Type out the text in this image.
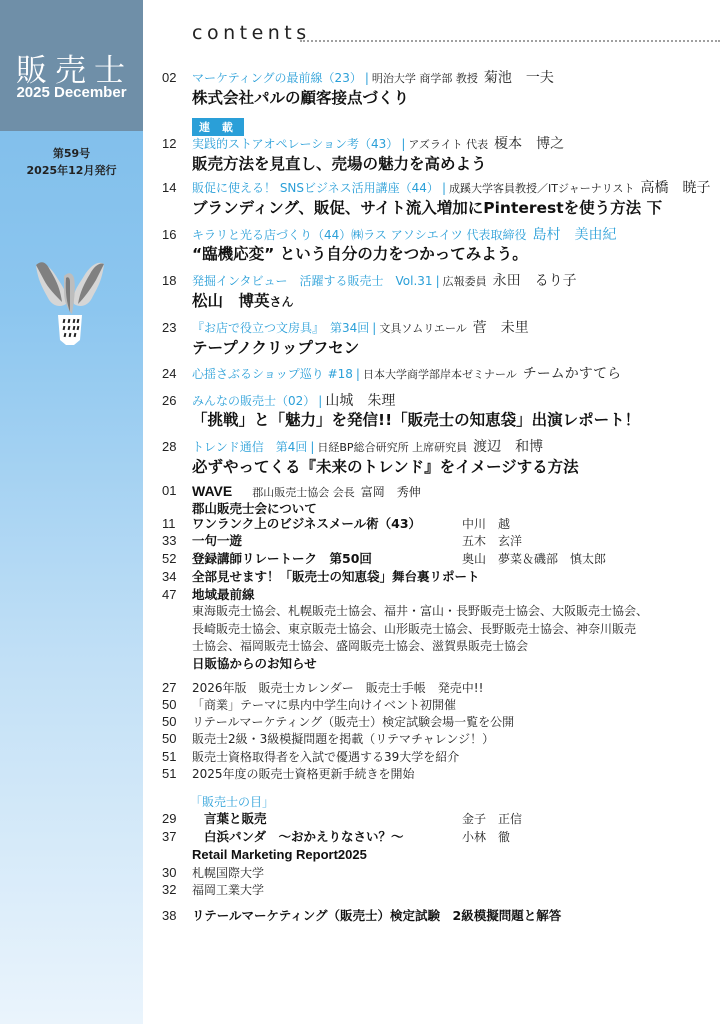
販売士
2025 December
第59号
2025年12月発行
contents
02	マーケティングの最前線（23） | 明治大学 商学部 教授 菊池　一夫
株式会社パルの顧客接点づくり
連 載
12	実践的ストアオペレーション考（43） | アズライト 代表 榎本　博之
販売方法を見直し、売場の魅力を高めよう
14	販促に使える！ SNSビジネス活用講座（44） | 成蹊大学客員教授／ITジャーナリスト 高橋　暁子
ブランディング、販促、サイト流入増加にPinterestを使う方法 下
16	キラリと光る店づくり（44）㈱ラス アソシエイツ 代表取締役 島村　美由紀
“臨機応変” という自分の力をつかってみよう。
18	発掘インタビュー　活躍する販売士　Vol.31 | 広報委員 永田　るり子
松山　博英さん
23	『お店で役立つ文房具』　第34回 | 文具ソムリエール 菅　未里
テープノクリップフセン
24	心揺さぶるショップ巡り #18 | 日本大学商学部岸本ゼミナール チームかすてら
26	みんなの販売士（02） | 山城　朱理
「挑戦」と「魅力」を発信!!「販売士の知恵袋」出演レポート！
28	トレンド通信　第4回 | 日経BP総合研究所 上席研究員 渡辺　和博
必ずやってくる『未来のトレンド』をイメージする方法
01	WAVE 郡山販売士協会 会長 富岡　秀伸
郡山販売士会について
11	ワンランク上のビジネスメール術（43）	中川　越
33	一句一遊	五木　玄洋
52	登録講師リレートーク　第50回	奥山　夢菜＆磯部　慎太郎
34	全部見せます！「販売士の知恵袋」舞台裏リポート
47	地域最前線
東海販売士協会、札幌販売士協会、福井・富山・長野販売士協会、大阪販売士協会、
長崎販売士協会、東京販売士協会、山形販売士協会、長野販売士協会、神奈川販売
士協会、福岡販売士協会、盛岡販売士協会、滋賀県販売士協会
日販協からのお知らせ
27	2026年版　販売士カレンダー　販売士手帳　発売中!!
50	「商業」テーマに県内中学生向けイベント初開催
50	リテールマーケティング（販売士）検定試験会場一覧を公開
50	販売士2級・3級模擬問題を掲載（リテマチャレンジ！）
51	販売士資格取得者を入試で優遇する39大学を紹介
51	2025年度の販売士資格更新手続きを開始
「販売士の目」
29	言葉と販売	金子　正信
37	白浜パンダ　～おかえりなさい？～	小林　徹
Retail Marketing Report2025
30	札幌国際大学
32	福岡工業大学
38	リテールマーケティング（販売士）検定試験　2級模擬問題と解答
